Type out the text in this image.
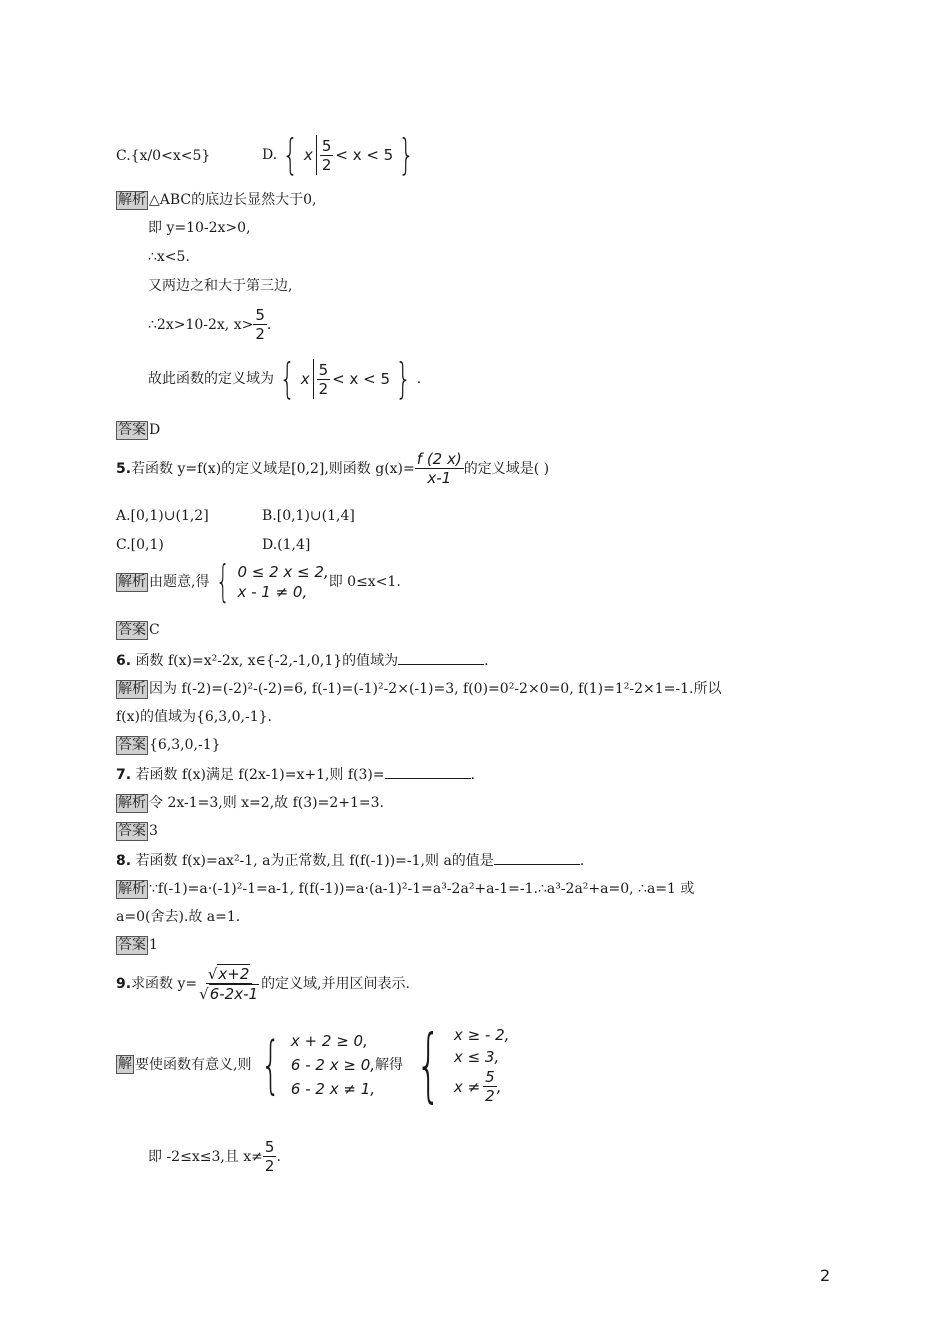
C.{x/0<x<5}	D. { x $\frac{5}{2} < x < 5$ }
解析 △ABC的底边长显然大于0,
即 y=10-2x>0,
∴x<5.
又两边之和大于第三边,
∴2x>10-2x, $x> \frac{5}{2}$ .
故此函数的定义域为 { x $\frac{5}{2} < x < 5$ } .
答案 D
5. 若函数 y=f(x)的定义域是[0,2],则函数 $g(x)= \frac{f (2 x)}{x-1}$ 的定义域是( )
A.[0,1)∪(1,2]	B.[0,1)∪(1,4]
C.[0,1)	D.(1,4]
解析 由题意,得 { 0 ≤ 2 x ≤ 2,
x - 1 ≠ 0,
即 0≤x<1.
答案 C
6. 函数 f(x)=x²-2x, x∈{-2,-1,0,1}的值域为	.
解析 因为 f(-2)=(-2)²-(-2)=6, f(-1)=(-1)²-2×(-1)=3, f(0)=0²-2×0=0, f(1)=1²-2×1=-1.所以
f(x)的值域为{6,3,0,-1}.
答案 {6,3,0,-1}
7. 若函数 f(x)满足 f(2x-1)=x+1,则 f(3)=	.
解析 令 2x-1=3,则 x=2,故 f(3)=2+1=3.
答案 3
8. 若函数 f(x)=ax²-1, a为正常数,且 f(f(-1))=-1,则 a的值是	.
解析 ∵f(-1)=a·(-1)²-1=a-1, f(f(-1))=a·(a-1)²-1=a³-2a²+a-1=-1.∴a³-2a²+a=0, ∴a=1 或
a=0(舍去).故 a=1.
答案 1
9. 求函数 $y= \frac{√ x+2}{√ 6-2x-1}$ 的定义域,并用区间表示.
解 要使函数有意义,则 { x + 2 ≥ 0,
6 - 2 x ≥ 0,
6 - 2 x ≠ 1,
解得 { x ≥ - 2,
x ≤ 3,
$x \ne \frac{5}{2}$ ,
即 -2≤x≤3,且 $x\ne \frac{5}{2}$ .
2
